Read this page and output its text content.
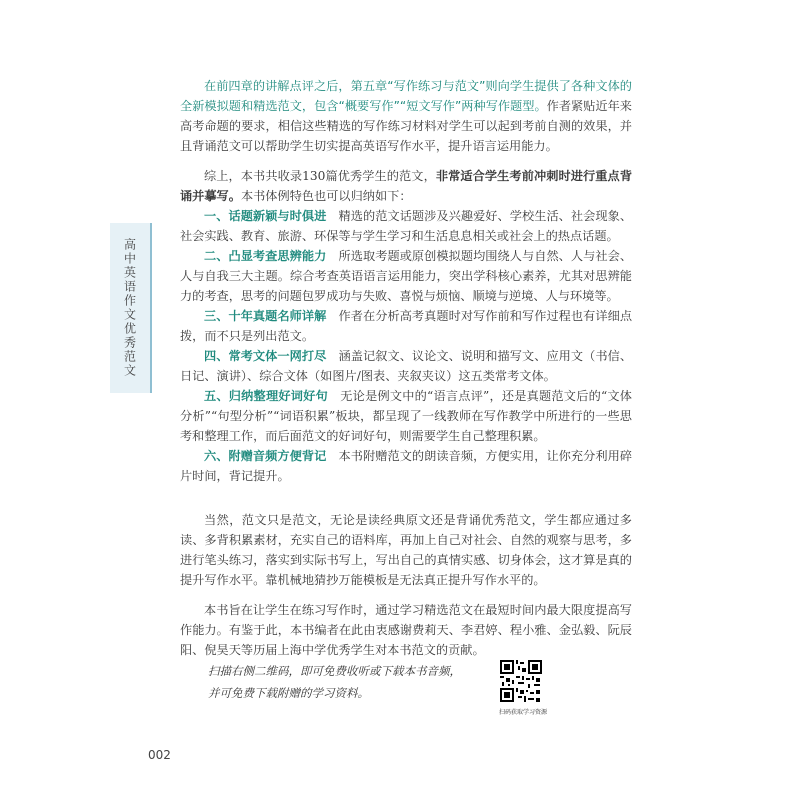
高中英语作文优秀范文

在前四章的讲解点评之后，第五章“写作练习与范文”则向学生提供了各种文体的全新模拟题和精选范文，包含“概要写作”“短文写作”两种写作题型。作者紧贴近年来高考命题的要求，相信这些精选的写作练习材料对学生可以起到考前自测的效果，并且背诵范文可以帮助学生切实提高英语写作水平，提升语言运用能力。

综上，本书共收录130篇优秀学生的范文，非常适合学生考前冲刺时进行重点背诵并摹写。本书体例特色也可以归纳如下：

一、话题新颖与时俱进　 精选的范文话题涉及兴趣爱好、学校生活、社会现象、社会实践、教育、旅游、环保等与学生学习和生活息息相关或社会上的热点话题。

二、凸显考查思辨能力　 所选取考题或原创模拟题均围绕人与自然、人与社会、人与自我三大主题。综合考查英语语言运用能力，突出学科核心素养，尤其对思辨能力的考查，思考的问题包罗成功与失败、喜悦与烦恼、顺境与逆境、人与环境等。

三、十年真题名师详解　 作者在分析高考真题时对写作前和写作过程也有详细点拨，而不只是列出范文。

四、常考文体一网打尽　 涵盖记叙文、议论文、说明和描写文、应用文（书信、日记、演讲）、综合文体（如图片/图表、夹叙夹议）这五类常考文体。

五、归纳整理好词好句　 无论是例文中的“语言点评”，还是真题范文后的“文体分析”“句型分析”“词语积累”板块，都呈现了一线教师在写作教学中所进行的一些思考和整理工作，而后面范文的好词好句，则需要学生自己整理积累。

六、附赠音频方便背记　 本书附赠范文的朗读音频，方便实用，让你充分利用碎片时间，背记提升。

当然，范文只是范文，无论是读经典原文还是背诵优秀范文，学生都应通过多读、多背积累素材，充实自己的语料库，再加上自己对社会、自然的观察与思考，多进行笔头练习，落实到实际书写上，写出自己的真情实感、切身体会，这才算是真的提升写作水平。靠机械地猜抄万能模板是无法真正提升写作水平的。

本书旨在让学生在练习写作时，通过学习精选范文在最短时间内最大限度提高写作能力。有鉴于此，本书编者在此由衷感谢费莉天、李君婷、程小雅、金弘毅、阮辰阳、倪昊天等历届上海中学优秀学生对本书范文的贡献。

扫描右侧二维码，即可免费收听或下载本书音频，
并可免费下载附赠的学习资料。
扫码获取学习资源
002
